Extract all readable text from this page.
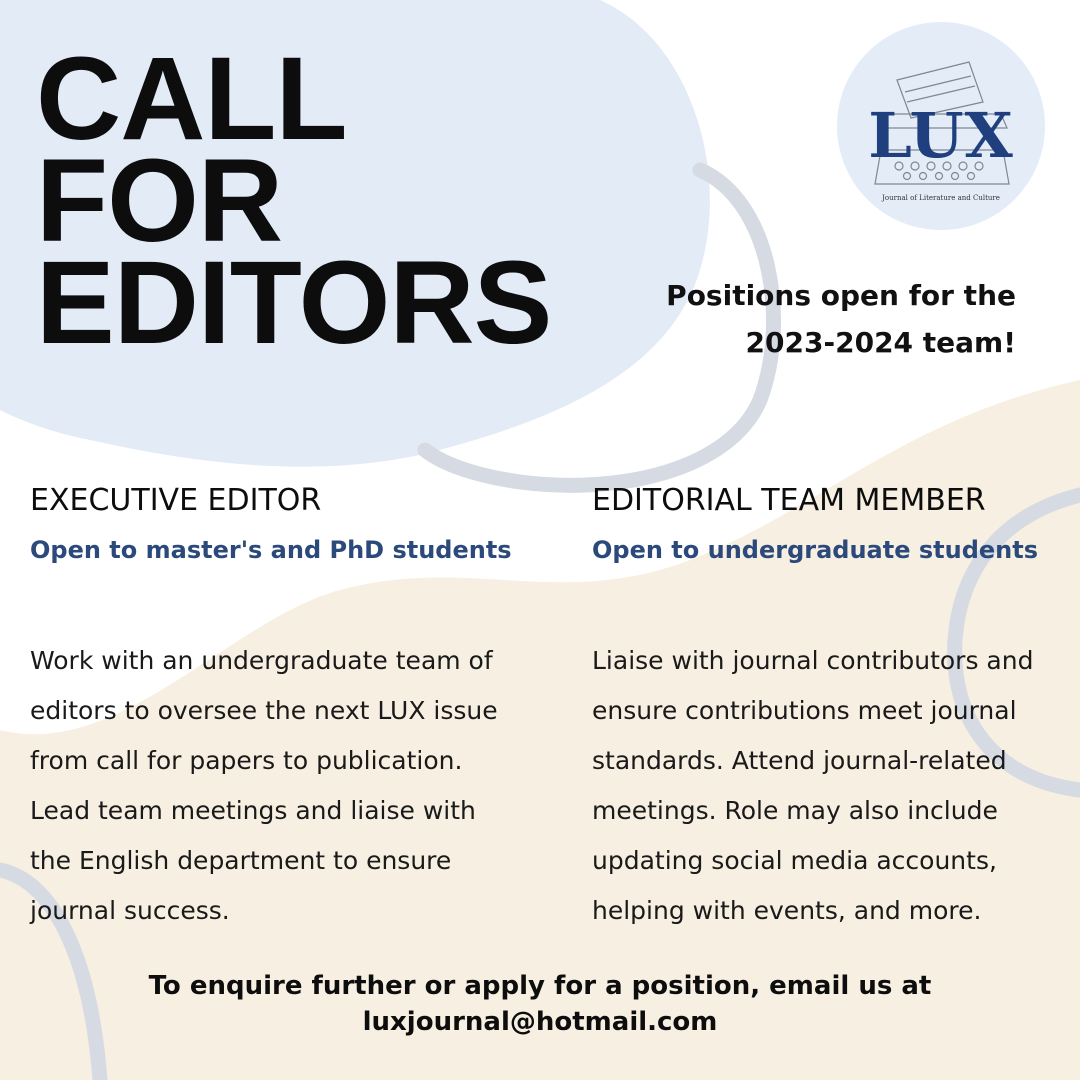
CALL
FOR
EDITORS
LUX
Journal of Literature and Culture
Positions open for the
2023-2024 team!
EXECUTIVE EDITOR

Open to master's and PhD students

Work with an undergraduate team of
editors to oversee the next LUX issue
from call for papers to publication.
Lead team meetings and liaise with
the English department to ensure
journal success.

EDITORIAL TEAM MEMBER

Open to undergraduate students

Liaise with journal contributors and
ensure contributions meet journal
standards. Attend journal-related
meetings. Role may also include
updating social media accounts,
helping with events, and more.

To enquire further or apply for a position, email us at
luxjournal@hotmail.com
